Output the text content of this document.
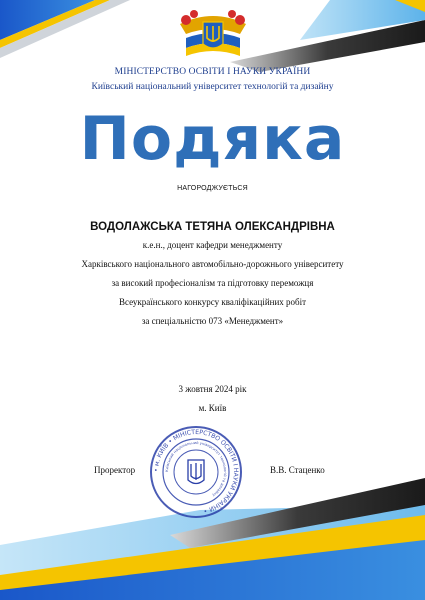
МІНІСТЕРСТВО ОСВІТИ І НАУКИ УКРАЇНИ
Київський національний університет технологій та дизайну
Подяка
НАГОРОДЖУЄТЬСЯ
ВОДОЛАЖСЬКА ТЕТЯНА ОЛЕКСАНДРІВНА
к.е.н., доцент кафедри менеджменту
Харківського національного автомобільно-дорожнього університету
за високий професіоналізм та підготовку переможця
Всеукраїнського конкурсу кваліфікаційних робіт
за спеціальністю 073 «Менеджмент»
3 жовтня 2024 рік
м. Київ
Проректор	В.В. Стаценко
• м. КИЇВ • МІНІСТЕРСТВО ОСВІТИ І НАУКИ УКРАЇНИ •
Київський національний університет технологій та дизайну
